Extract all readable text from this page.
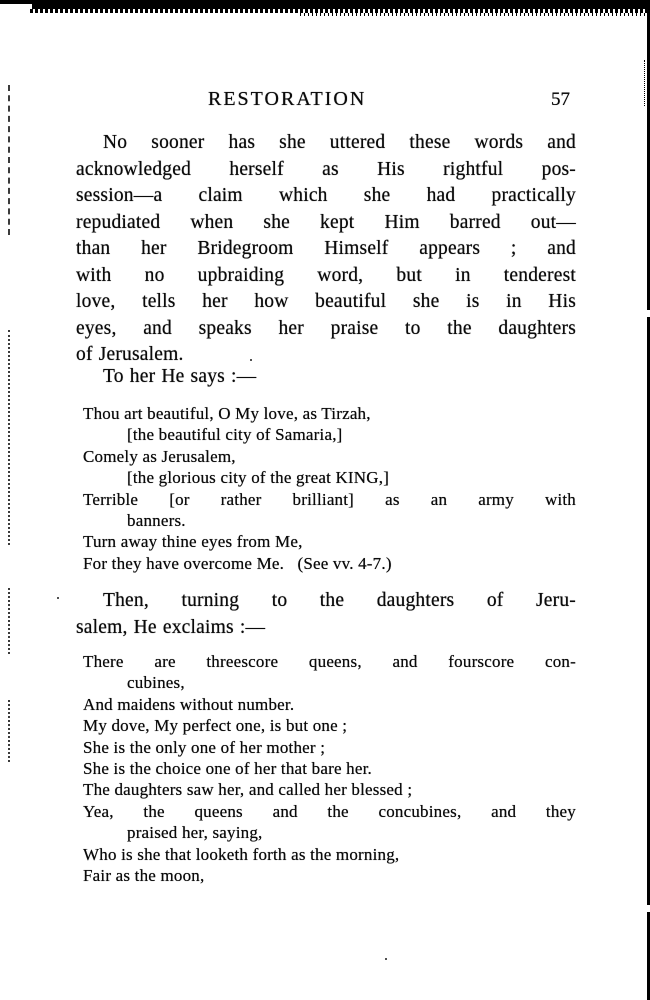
RESTORATION	57
No sooner has she uttered these words and
acknowledged herself as His rightful pos-
session—a claim which she had practically
repudiated when she kept Him barred out—
than her Bridegroom Himself appears ; and
with no upbraiding word, but in tenderest
love, tells her how beautiful she is in His
eyes, and speaks her praise to the daughters
of Jerusalem.
To her He says :—
Thou art beautiful, O My love, as Tirzah,
[the beautiful city of Samaria,]
Comely as Jerusalem,
[the glorious city of the great KING,]
Terrible [or rather brilliant] as an army with
banners.
Turn away thine eyes from Me,
For they have overcome Me.   (See vv. 4-7.)
Then, turning to the daughters of Jeru-
salem, He exclaims :—
There are threescore queens, and fourscore con-
cubines,
And maidens without number.
My dove, My perfect one, is but one ;
She is the only one of her mother ;
She is the choice one of her that bare her.
The daughters saw her, and called her blessed ;
Yea, the queens and the concubines, and they
praised her, saying,
Who is she that looketh forth as the morning,
Fair as the moon,
